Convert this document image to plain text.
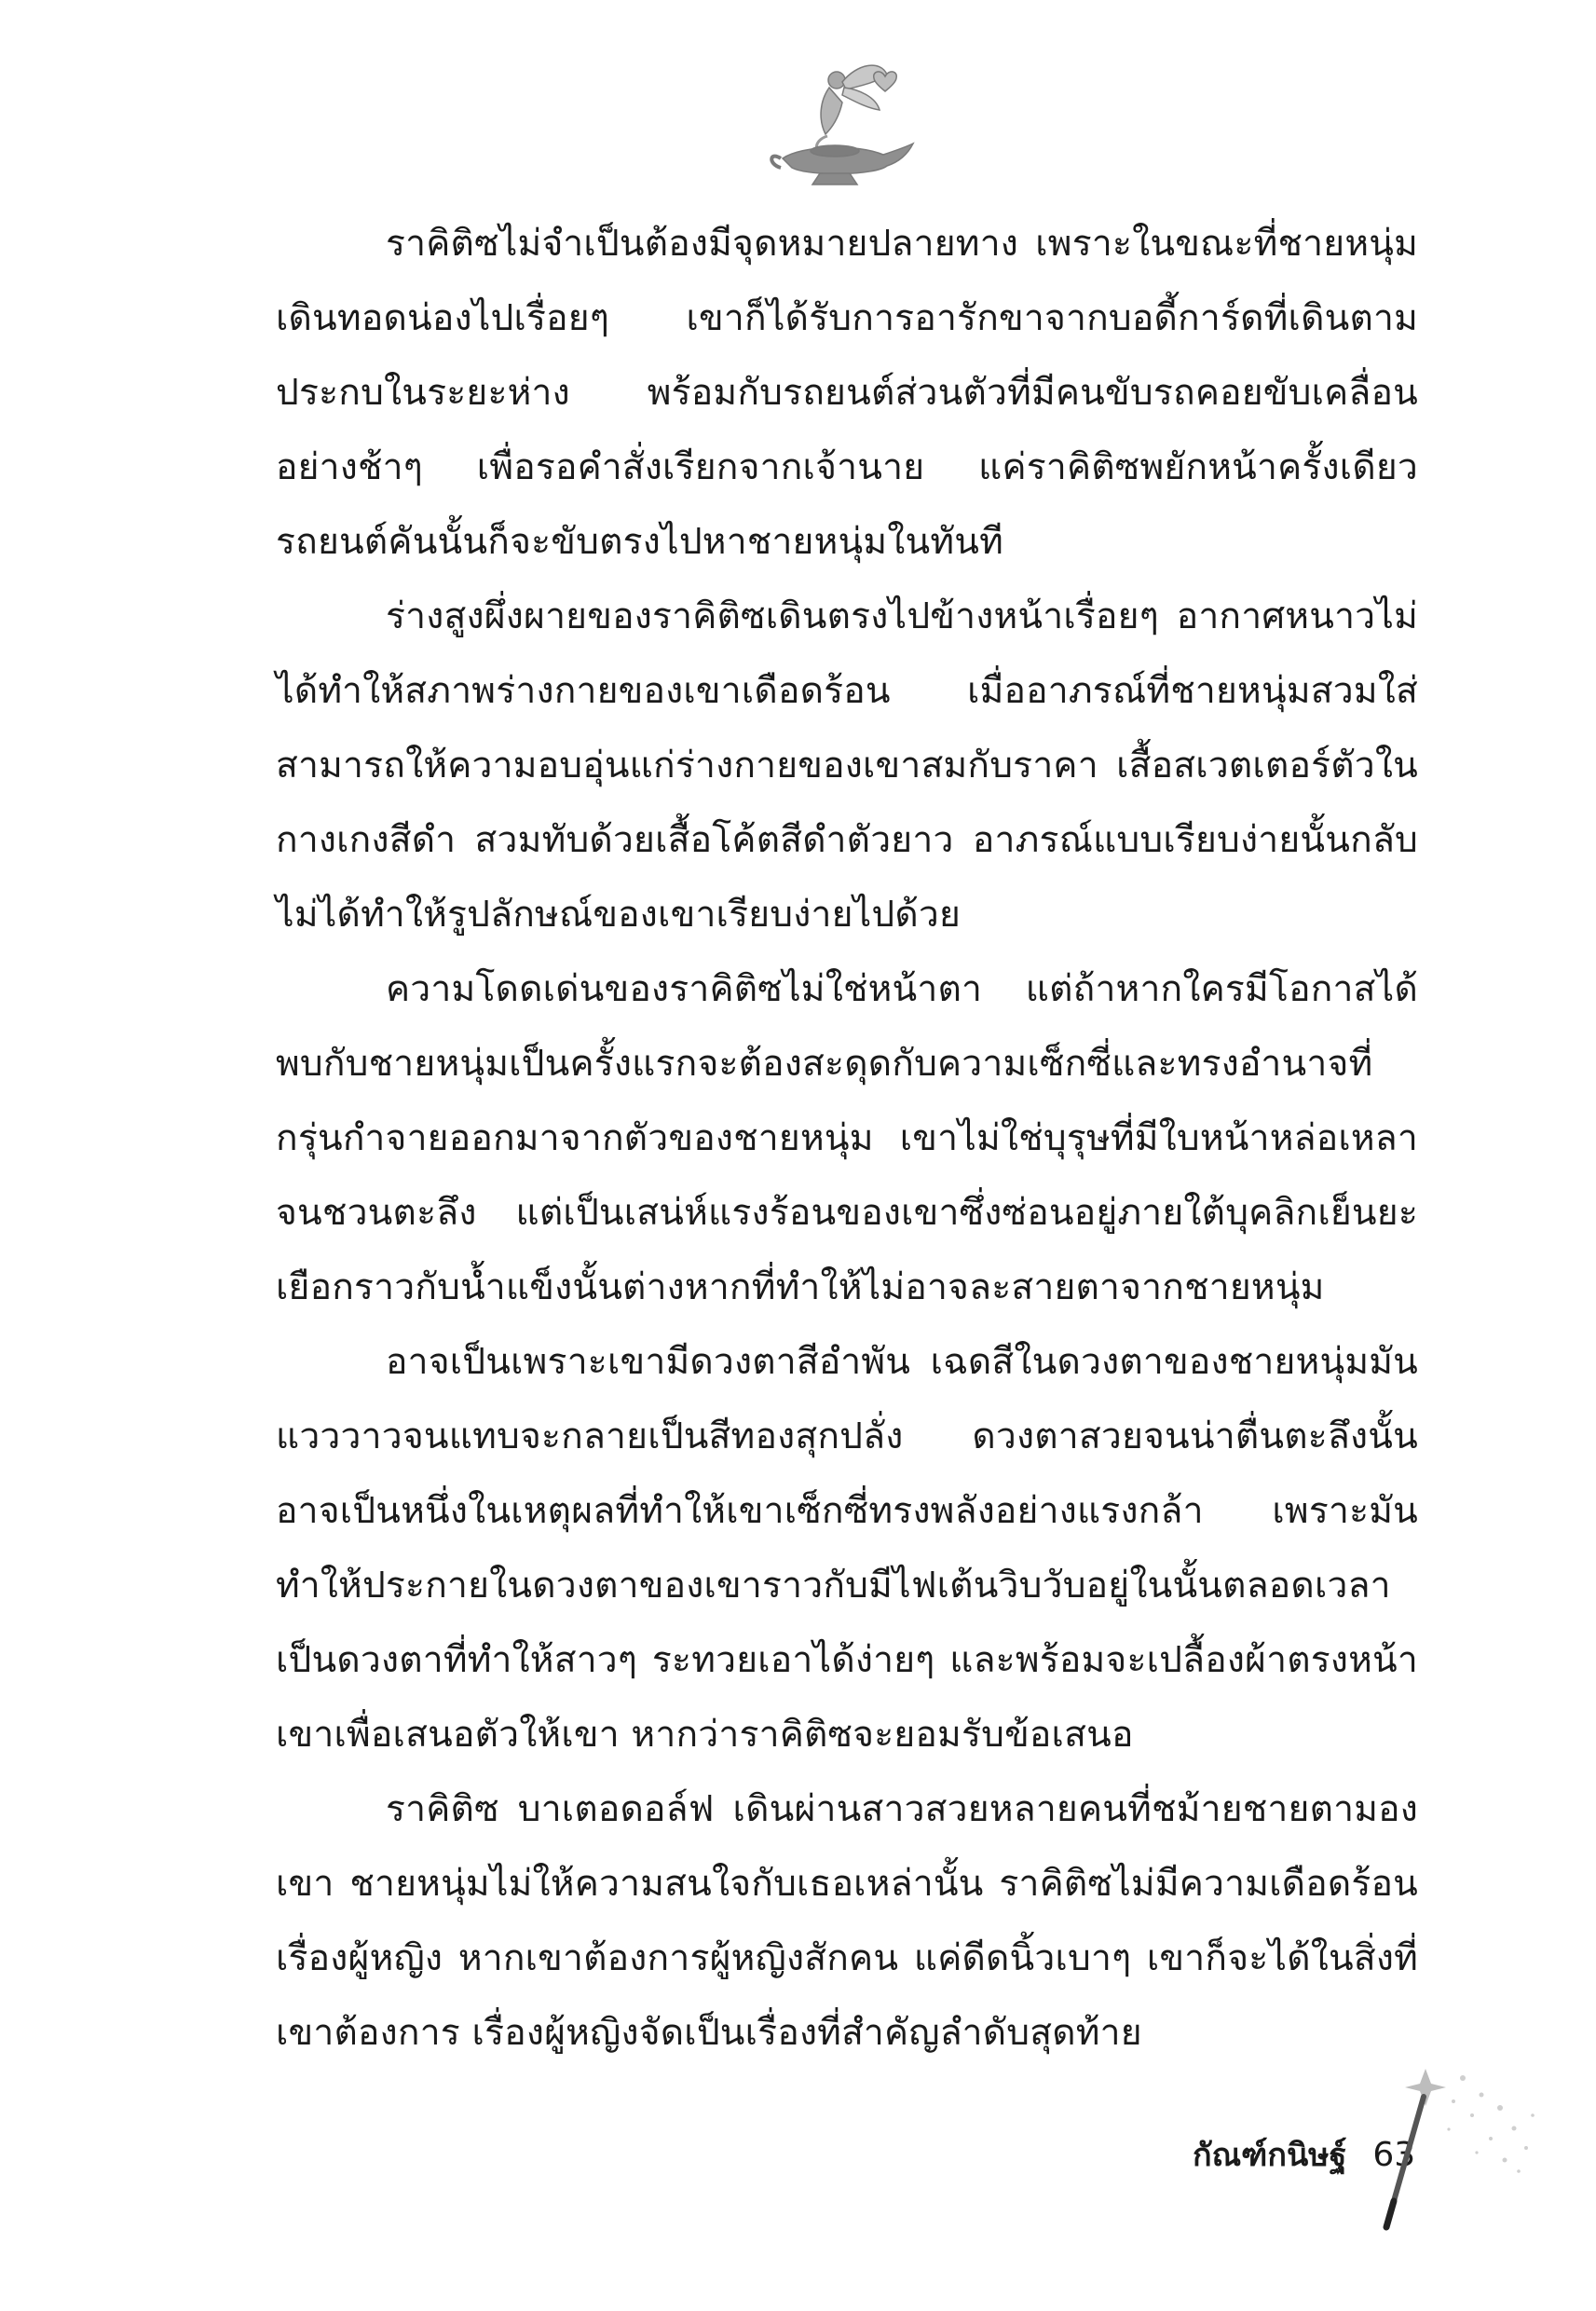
ราคิติซไม่จำเป็นต้องมีจุดหมายปลายทาง เพราะในขณะที่ชายหนุ่มเดินทอดน่องไปเรื่อยๆ เขาก็ได้รับการอารักขาจากบอดี้การ์ดที่เดินตามประกบในระยะห่าง พร้อมกับรถยนต์ส่วนตัวที่มีคนขับรถคอยขับเคลื่อนอย่างช้าๆ เพื่อรอคำสั่งเรียกจากเจ้านาย แค่ราคิติซพยักหน้าครั้งเดียวรถยนต์คันนั้นก็จะขับตรงไปหาชายหนุ่มในทันที

ร่างสูงผึ่งผายของราคิติซเดินตรงไปข้างหน้าเรื่อยๆ อากาศหนาวไม่ได้ทำให้สภาพร่างกายของเขาเดือดร้อน เมื่ออาภรณ์ที่ชายหนุ่มสวมใส่สามารถให้ความอบอุ่นแก่ร่างกายของเขาสมกับราคา เสื้อสเวตเตอร์ตัวใน กางเกงสีดำ สวมทับด้วยเสื้อโค้ตสีดำตัวยาว อาภรณ์แบบเรียบง่ายนั้นกลับไม่ได้ทำให้รูปลักษณ์ของเขาเรียบง่ายไปด้วย

ความโดดเด่นของราคิติซไม่ใช่หน้าตา แต่ถ้าหากใครมีโอกาสได้พบกับชายหนุ่มเป็นครั้งแรกจะต้องสะดุดกับความเซ็กซี่และทรงอำนาจที่กรุ่นกำจายออกมาจากตัวของชายหนุ่ม เขาไม่ใช่บุรุษที่มีใบหน้าหล่อเหลาจนชวนตะลึง แต่เป็นเสน่ห์แรงร้อนของเขาซึ่งซ่อนอยู่ภายใต้บุคลิกเย็นยะเยือกราวกับน้ำแข็งนั้นต่างหากที่ทำให้ไม่อาจละสายตาจากชายหนุ่ม

อาจเป็นเพราะเขามีดวงตาสีอำพัน เฉดสีในดวงตาของชายหนุ่มมันแวววาวจนแทบจะกลายเป็นสีทองสุกปลั่ง ดวงตาสวยจนน่าตื่นตะลึงนั้นอาจเป็นหนึ่งในเหตุผลที่ทำให้เขาเซ็กซี่ทรงพลังอย่างแรงกล้า เพราะมันทำให้ประกายในดวงตาของเขาราวกับมีไฟเต้นวิบวับอยู่ในนั้นตลอดเวลา เป็นดวงตาที่ทำให้สาวๆ ระทวยเอาได้ง่ายๆ และพร้อมจะเปลื้องผ้าตรงหน้าเขาเพื่อเสนอตัวให้เขา หากว่าราคิติซจะยอมรับข้อเสนอ

ราคิติซ บาเตอดอล์ฟ เดินผ่านสาวสวยหลายคนที่ชม้ายชายตามองเขา ชายหนุ่มไม่ให้ความสนใจกับเธอเหล่านั้น ราคิติซไม่มีความเดือดร้อนเรื่องผู้หญิง หากเขาต้องการผู้หญิงสักคน แค่ดีดนิ้วเบาๆ เขาก็จะได้ในสิ่งที่เขาต้องการ เรื่องผู้หญิงจัดเป็นเรื่องที่สำคัญลำดับสุดท้าย

กัณฑ์กนิษฐ์ 63
